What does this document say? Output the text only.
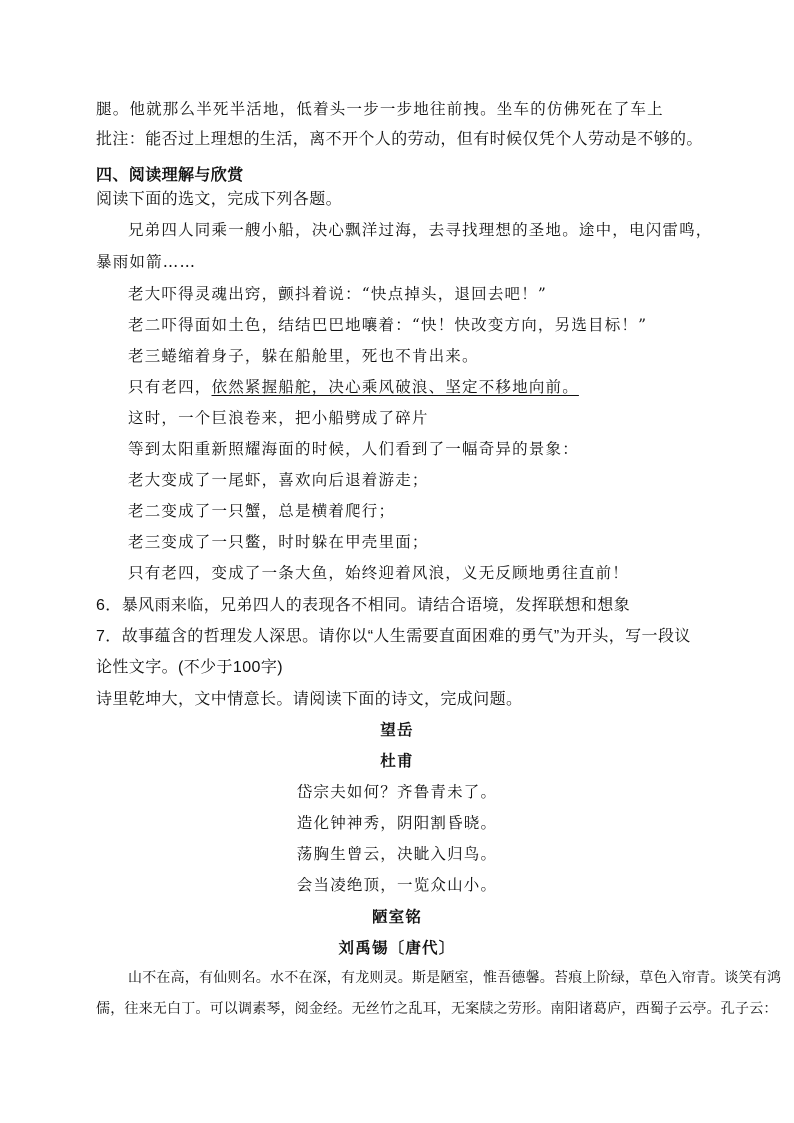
腿。他就那么半死半活地，低着头一步一步地往前拽。坐车的仿佛死在了车上
批注：能否过上理想的生活，离不开个人的劳动，但有时候仅凭个人劳动是不够的。
四、阅读理解与欣赏
阅读下面的选文，完成下列各题。
兄弟四人同乘一艘小船，决心飘洋过海，去寻找理想的圣地。途中，电闪雷鸣，
暴雨如箭……
老大吓得灵魂出窍，颤抖着说：“快点掉头，退回去吧！”
老二吓得面如土色，结结巴巴地嚷着：“快！快改变方向，另选目标！”
老三蜷缩着身子，躲在船舱里，死也不肯出来。
只有老四，依然紧握船舵，决心乘风破浪、坚定不移地向前。
这时，一个巨浪卷来，把小船劈成了碎片
等到太阳重新照耀海面的时候，人们看到了一幅奇异的景象：
老大变成了一尾虾，喜欢向后退着游走；
老二变成了一只蟹，总是横着爬行；
老三变成了一只鳖，时时躲在甲壳里面；
只有老四，变成了一条大鱼，始终迎着风浪，义无反顾地勇往直前！
6．暴风雨来临，兄弟四人的表现各不相同。请结合语境，发挥联想和想象
7．故事蕴含的哲理发人深思。请你以“人生需要直面困难的勇气”为开头，写一段议
论性文字。(不少于100字)
诗里乾坤大，文中情意长。请阅读下面的诗文，完成问题。
望岳
杜甫
岱宗夫如何？齐鲁青未了。
造化钟神秀，阴阳割昏晓。
荡胸生曾云，决眦入归鸟。
会当凌绝顶，一览众山小。
陋室铭
刘禹锡〔唐代〕
山不在高，有仙则名。水不在深，有龙则灵。斯是陋室，惟吾德馨。苔痕上阶绿，草色入帘青。谈笑有鸿
儒，往来无白丁。可以调素琴，阅金经。无丝竹之乱耳，无案牍之劳形。南阳诸葛庐，西蜀子云亭。孔子云：
